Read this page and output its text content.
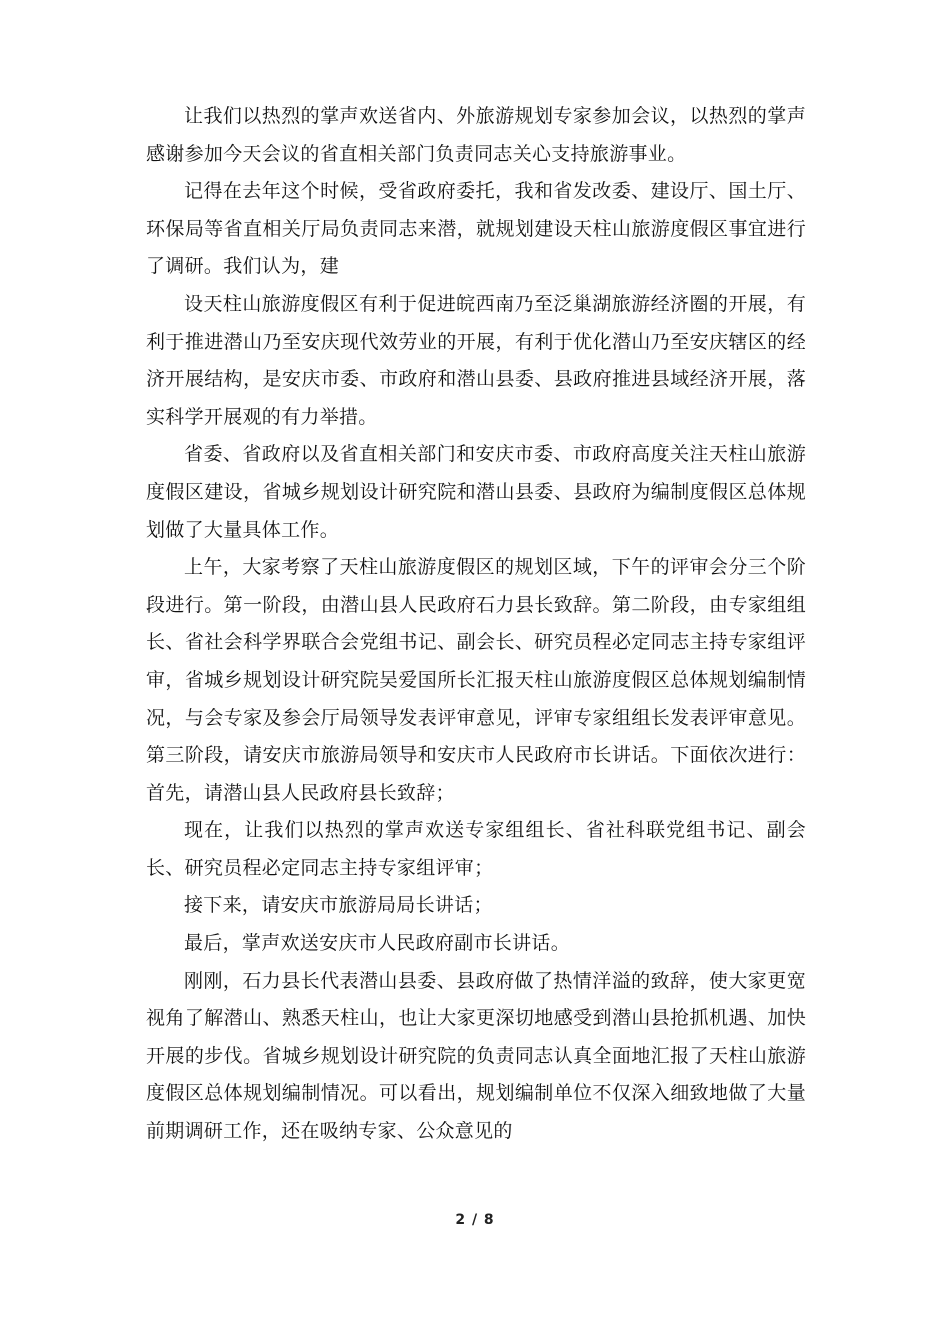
让我们以热烈的掌声欢送省内、外旅游规划专家参加会议，以热烈的掌声感谢参加今天会议的省直相关部门负责同志关心支持旅游事业。

记得在去年这个时候，受省政府委托，我和省发改委、建设厅、国土厅、环保局等省直相关厅局负责同志来潜，就规划建设天柱山旅游度假区事宜进行了调研。我们认为，建

设天柱山旅游度假区有利于促进皖西南乃至泛巢湖旅游经济圈的开展，有利于推进潜山乃至安庆现代效劳业的开展，有利于优化潜山乃至安庆辖区的经济开展结构，是安庆市委、市政府和潜山县委、县政府推进县域经济开展，落实科学开展观的有力举措。

省委、省政府以及省直相关部门和安庆市委、市政府高度关注天柱山旅游度假区建设，省城乡规划设计研究院和潜山县委、县政府为编制度假区总体规划做了大量具体工作。

上午，大家考察了天柱山旅游度假区的规划区域，下午的评审会分三个阶段进行。第一阶段，由潜山县人民政府石力县长致辞。第二阶段，由专家组组长、省社会科学界联合会党组书记、副会长、研究员程必定同志主持专家组评审，省城乡规划设计研究院吴爱国所长汇报天柱山旅游度假区总体规划编制情况，与会专家及参会厅局领导发表评审意见，评审专家组组长发表评审意见。第三阶段，请安庆市旅游局领导和安庆市人民政府市长讲话。下面依次进行：首先，请潜山县人民政府县长致辞；

现在，让我们以热烈的掌声欢送专家组组长、省社科联党组书记、副会长、研究员程必定同志主持专家组评审；

接下来，请安庆市旅游局局长讲话；

最后，掌声欢送安庆市人民政府副市长讲话。

刚刚，石力县长代表潜山县委、县政府做了热情洋溢的致辞，使大家更宽视角了解潜山、熟悉天柱山，也让大家更深切地感受到潜山县抢抓机遇、加快开展的步伐。省城乡规划设计研究院的负责同志认真全面地汇报了天柱山旅游度假区总体规划编制情况。可以看出，规划编制单位不仅深入细致地做了大量前期调研工作，还在吸纳专家、公众意见的

2 / 8
